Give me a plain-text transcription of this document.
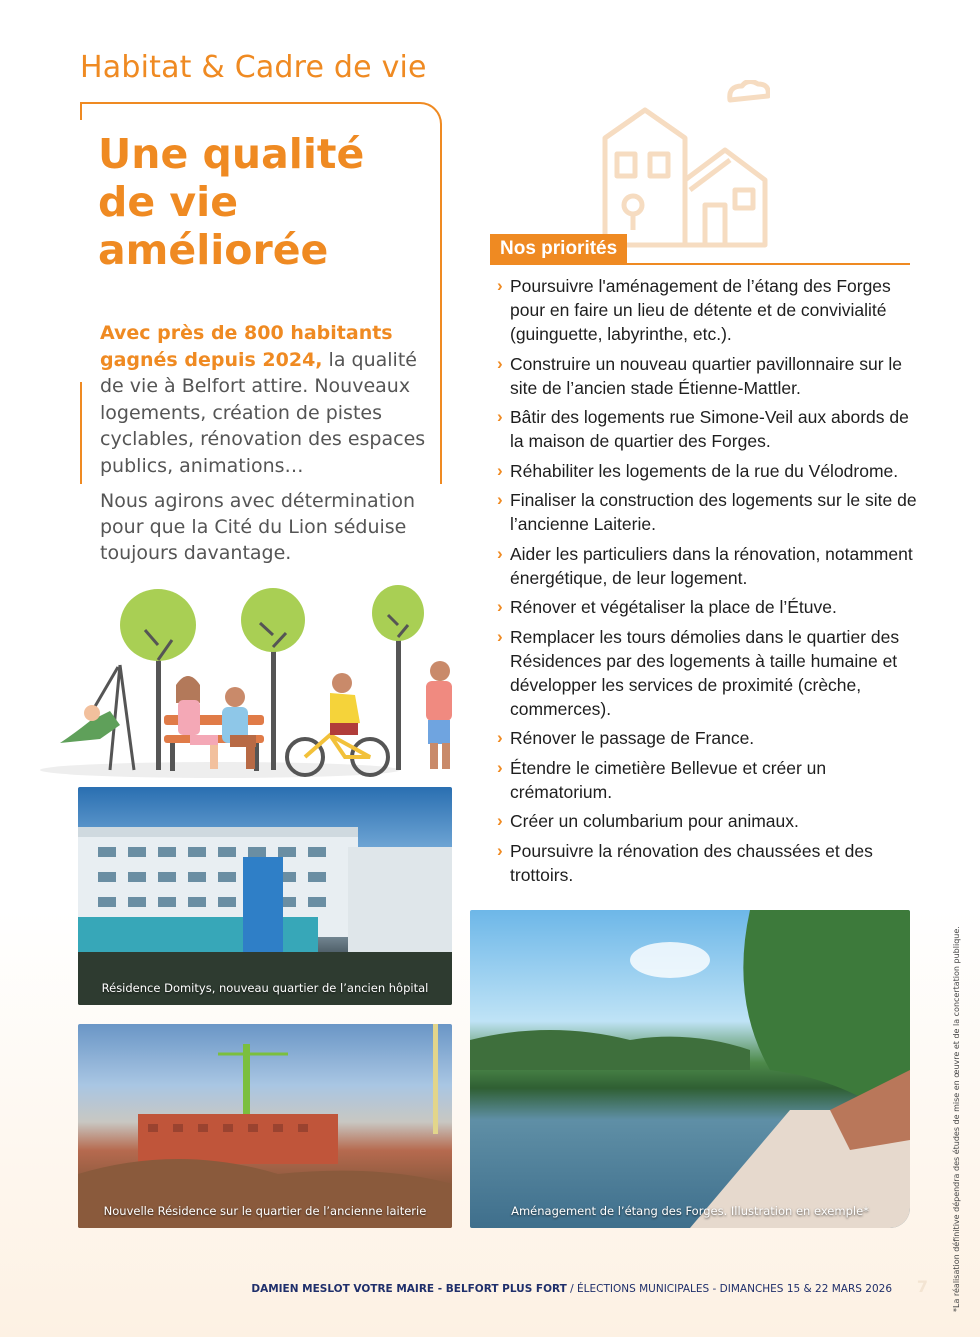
Habitat & Cadre de vie
Une qualité
de vie
améliorée

Avec près de 800 habitants gagnés depuis 2024, la qualité de vie à Belfort attire. Nouveaux logements, création de pistes cyclables, rénovation des espaces publics, animations…

Nous agirons avec détermination pour que la Cité du Lion séduise toujours davantage.

Nos priorités
› Poursuivre l'aménagement de l’étang des Forges pour en faire un lieu de détente et de convivialité (guinguette, labyrinthe, etc.).
› Construire un nouveau quartier pavillonnaire sur le site de l’ancien stade Étienne-Mattler.
› Bâtir des logements rue Simone-Veil aux abords de la maison de quartier des Forges.
› Réhabiliter les logements de la rue du Vélodrome.
› Finaliser la construction des logements sur le site de l’ancienne Laiterie.
› Aider les particuliers dans la rénovation, notamment énergétique, de leur logement.
› Rénover et végétaliser la place de l’Étuve.
› Remplacer les tours démolies dans le quartier des Résidences par des logements à taille humaine et développer les services de proximité (crèche, commerces).
› Rénover le passage de France.
› Étendre le cimetière Bellevue et créer un crématorium.
› Créer un columbarium pour animaux.
› Poursuivre la rénovation des chaussées et des trottoirs.
Résidence Domitys, nouveau quartier de l’ancien hôpital
Nouvelle Résidence sur le quartier de l’ancienne laiterie	Aménagement de l’étang des Forges. Illustration en exemple*	*La réalisation définitive dépendra des études de mise en œuvre et de la concertation publique.
DAMIEN MESLOT VOTRE MAIRE - BELFORT PLUS FORT / ÉLECTIONS MUNICIPALES - DIMANCHES 15 & 22 MARS 2026 7
